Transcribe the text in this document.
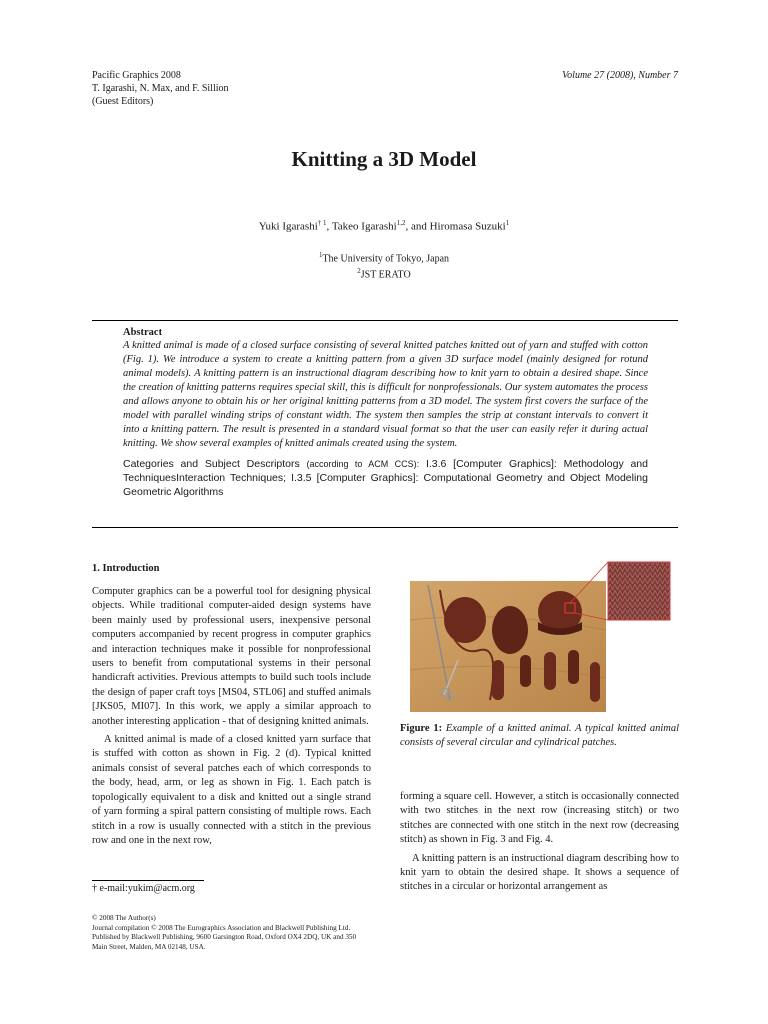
Pacific Graphics 2008
T. Igarashi, N. Max, and F. Sillion
(Guest Editors)
Volume 27 (2008), Number 7
Knitting a 3D Model
Yuki Igarashi$^{\dagger 1}$, Takeo Igarashi$^{1,2}$, and Hiromasa Suzuki$^1$
$^1$The University of Tokyo, Japan
$^2$JST ERATO
Abstract

A knitted animal is made of a closed surface consisting of several knitted patches knitted out of yarn and stuffed with cotton (Fig. 1). We introduce a system to create a knitting pattern from a given 3D surface model (mainly designed for rotund animal models). A knitting pattern is an instructional diagram describing how to knit yarn to obtain a desired shape. Since the creation of knitting patterns requires special skill, this is difficult for nonprofessionals. Our system automates the process and allows anyone to obtain his or her original knitting patterns from a 3D model. The system first covers the surface of the model with parallel winding strips of constant width. The system then samples the strip at constant intervals to convert it into a knitting pattern. The result is presented in a standard visual format so that the user can easily refer it during actual knitting. We show several examples of knitted animals created using the system.

Categories and Subject Descriptors (according to ACM CCS): I.3.6 [Computer Graphics]: Methodology and TechniquesInteraction Techniques; I.3.5 [Computer Graphics]: Computational Geometry and Object Modeling Geometric Algorithms

1. Introduction

Computer graphics can be a powerful tool for designing physical objects. While traditional computer-aided design systems have been mainly used by professional users, inexpensive personal computers accompanied by recent progress in computer graphics and interaction techniques make it possible for nonprofessional users to benefit from computational systems in their personal handicraft activities. Previous attempts to build such tools include the design of paper craft toys [MS04, STL06] and stuffed animals [JKS05, MI07]. In this work, we apply a similar approach to another interesting application - that of designing knitted animals.

A knitted animal is made of a closed knitted yarn surface that is stuffed with cotton as shown in Fig. 2 (d). Typical knitted animals consist of several patches each of which corresponds to the body, head, arm, or leg as shown in Fig. 1. Each patch is topologically equivalent to a disk and knitted out a single strand of yarn forming a spiral pattern consisting of multiple rows. Each stitch in a row is usually connected with a stitch in the previous row and one in the next row,

Figure 1: Example of a knitted animal. A typical knitted animal consists of several circular and cylindrical patches.

forming a square cell. However, a stitch is occasionally connected with two stitches in the next row (increasing stitch) or two stitches are connected with one stitch in the next row (decreasing stitch) as shown in Fig. 3 and Fig. 4.

A knitting pattern is an instructional diagram describing how to knit yarn to obtain the desired shape. It shows a sequence of stitches in a circular or horizontal arrangement as

† e-mail:yukim@acm.org
© 2008 The Author(s)
Journal compilation © 2008 The Eurographics Association and Blackwell Publishing Ltd.
Published by Blackwell Publishing, 9600 Garsington Road, Oxford OX4 2DQ, UK and 350
Main Street, Malden, MA 02148, USA.
